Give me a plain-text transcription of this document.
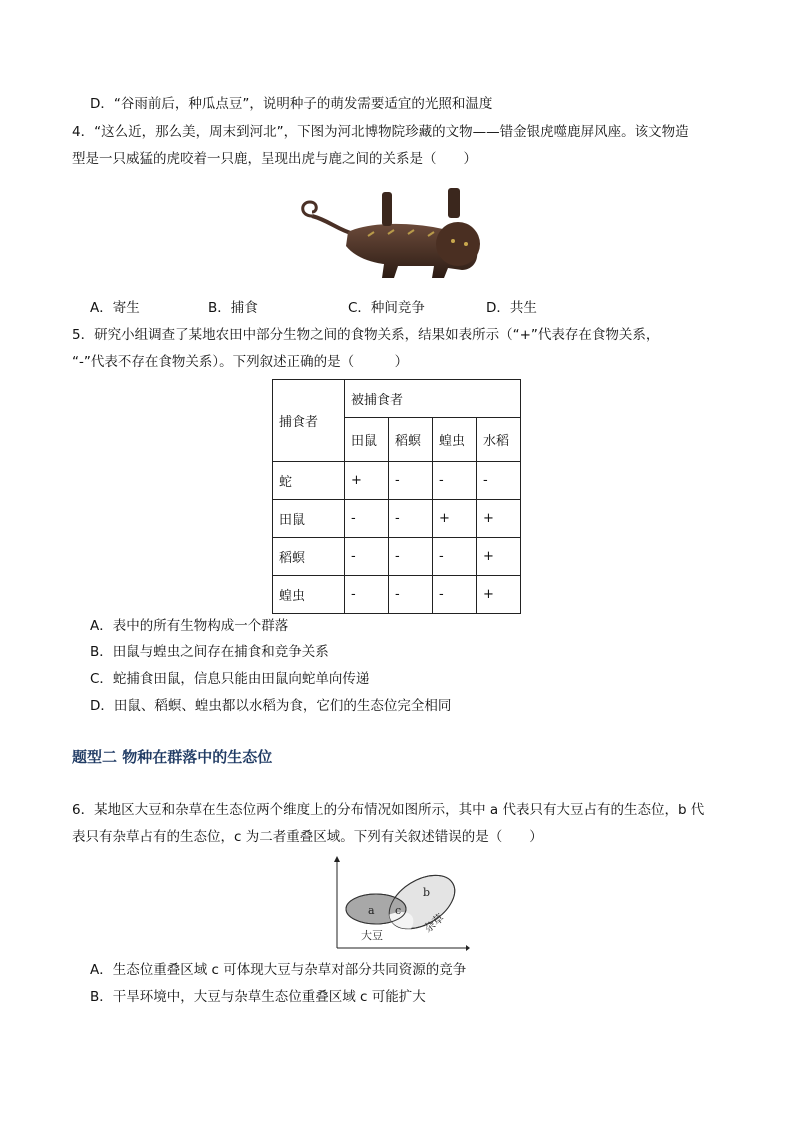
D．“谷雨前后，种瓜点豆”，说明种子的萌发需要适宜的光照和温度
4．“这么近，那么美，周末到河北”，下图为河北博物院珍藏的文物——错金银虎噬鹿屏风座。该文物造
型是一只威猛的虎咬着一只鹿，呈现出虎与鹿之间的关系是（　　）
A．寄生	B．捕食	C．种间竞争	D．共生
5．研究小组调查了某地农田中部分生物之间的食物关系，结果如表所示（“+”代表存在食物关系，
“-”代表不存在食物关系）。下列叙述正确的是（　　　）
捕食者	被捕食者			
	田鼠	稻螟	蝗虫	水稻
蛇	+	-	-	-
田鼠	-	-	+	+
稻螟	-	-	-	+
蝗虫	-	-	-	+
A．表中的所有生物构成一个群落
B．田鼠与蝗虫之间存在捕食和竞争关系
C．蛇捕食田鼠，信息只能由田鼠向蛇单向传递
D．田鼠、稻螟、蝗虫都以水稻为食，它们的生态位完全相同
题型二 物种在群落中的生态位
6．某地区大豆和杂草在生态位两个维度上的分布情况如图所示，其中 a 代表只有大豆占有的生态位，b 代
表只有杂草占有的生态位，c 为二者重叠区域。下列有关叙述错误的是（　　）
a c
b
大豆
杂草
A．生态位重叠区域 c 可体现大豆与杂草对部分共同资源的竞争
B．干旱环境中，大豆与杂草生态位重叠区域 c 可能扩大
